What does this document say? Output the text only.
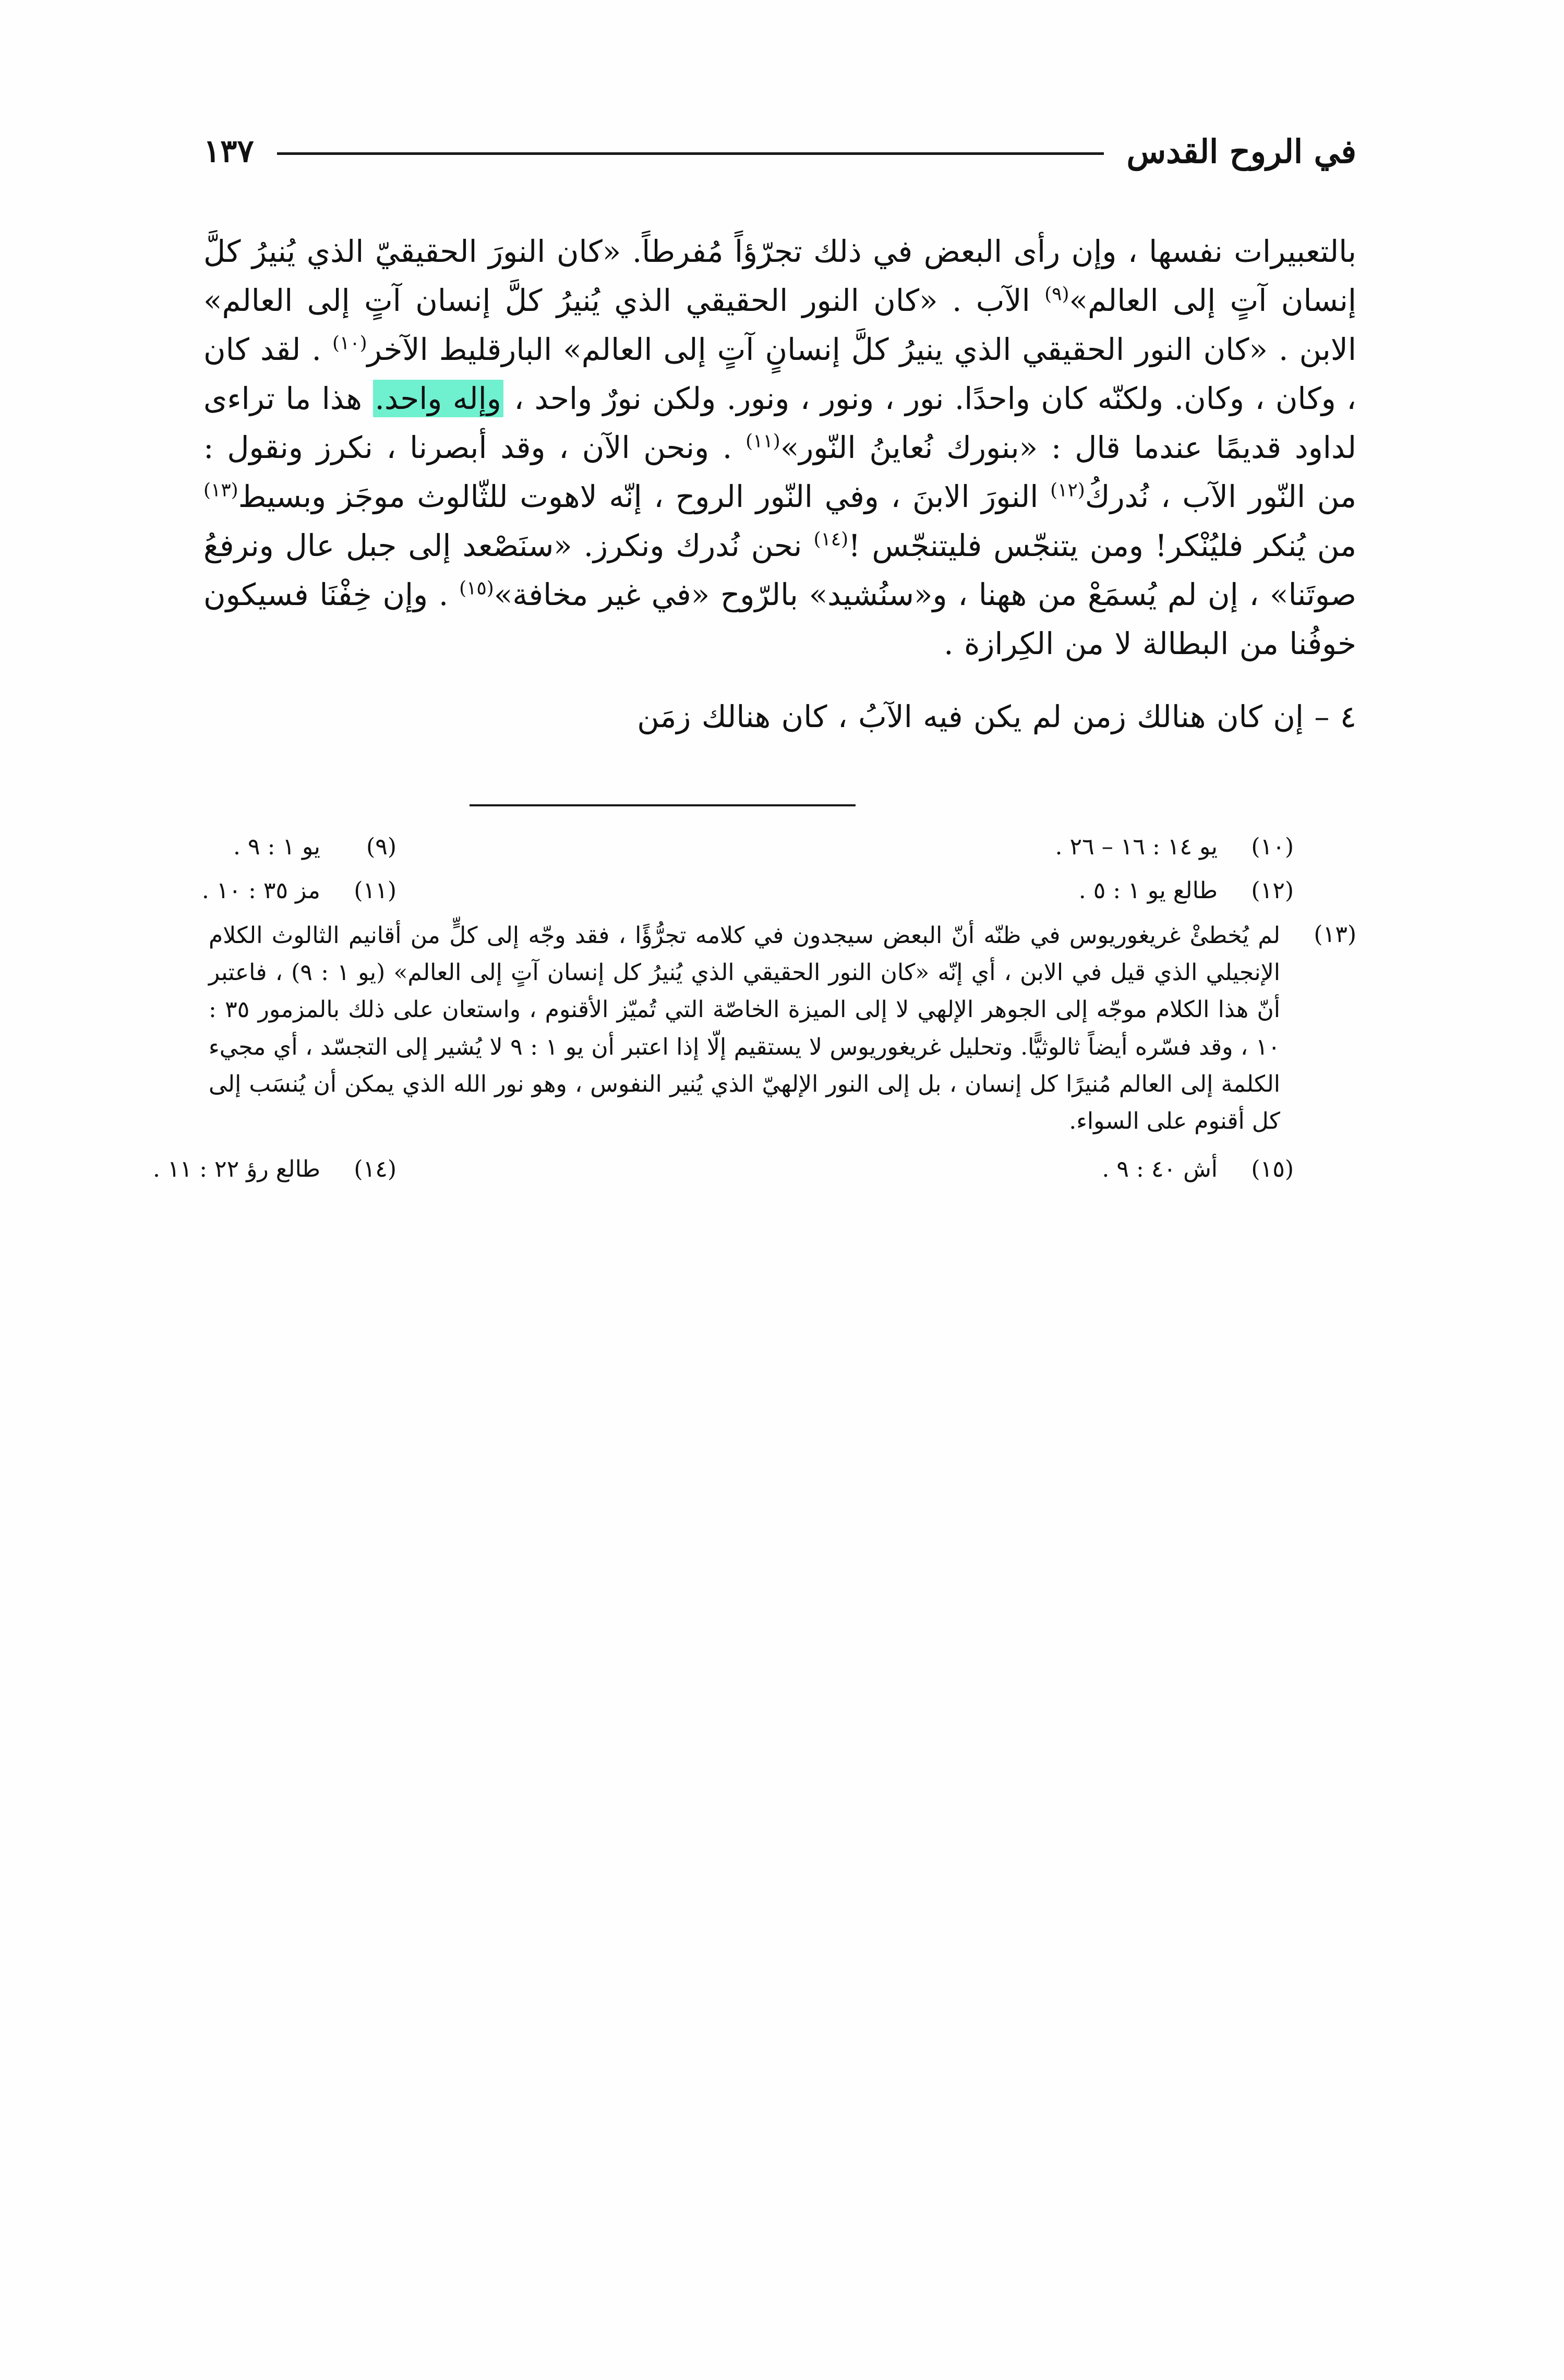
في الروح القدس
١٣٧

بالتعبيرات نفسها ، وإن رأى البعض في ذلك تجرّؤاً مُفرطاً. «كان النورَ الحقيقيّ الذي يُنيرُ كلَّ إنسان آتٍ إلى العالم»$^{(٩)}$ الآب . «كان النور الحقيقي الذي يُنيرُ كلَّ إنسان آتٍ إلى العالم» الابن . «كان النور الحقيقي الذي ينيرُ كلَّ إنسانٍ آتٍ إلى العالم» البارقليط الآخر$^{(١٠)}$ . لقد كان ، وكان ، وكان. ولكنّه كان واحدًا. نور ، ونور ، ونور. ولكن نورٌ واحد ، وإله واحد. هذا ما تراءى لداود قديمًا عندما قال : «بنورك نُعاينُ النّور»$^{(١١)}$ . ونحن الآن ، وقد أبصرنا ، نكرز ونقول : من النّور الآب ، نُدركُ$^{(١٢)}$ النورَ الابنَ ، وفي النّور الروح ، إنّه لاهوت للثّالوث موجَز وبسيط$^{(١٣)}$ من يُنكر فليُنْكر! ومن يتنجّس فليتنجّس !$^{(١٤)}$ نحن نُدرك ونكرز. «سنَصْعد إلى جبل عال ونرفعُ صوتَنا» ، إن لم يُسمَعْ من ههنا ، و«سنُشيد» بالرّوح «في غير مخافة»$^{(١٥)}$ . وإن خِفْنَا فسيكون خوفُنا من البطالة لا من الكِرازة .

٤ – إن كان هنالك زمن لم يكن فيه الآبُ ، كان هنالك زمَن

(١٠)
يو ١٤ : ١٦ – ٢٦ .
(٩)
يو ١ : ٩ .
(١٢)
طالع يو ١ : ٥ .
(١١)
مز ٣٥ : ١٠ .
(١٣)
لم يُخطئْ غريغوريوس في ظنّه أنّ البعض سيجدون في كلامه تجرُّؤًا ، فقد وجّه إلى كلٍّ من أقانيم الثالوث الكلام الإنجيلي الذي قيل في الابن ، أي إنّه «كان النور الحقيقي الذي يُنيرُ كل إنسان آتٍ إلى العالم» (يو ١ : ٩) ، فاعتبر أنّ هذا الكلام موجّه إلى الجوهر الإلهي لا إلى الميزة الخاصّة التي تُميّز الأقنوم ، واستعان على ذلك بالمزمور ٣٥ : ١٠ ، وقد فسّره أيضاً ثالوثيًّا. وتحليل غريغوريوس لا يستقيم إلّا إذا اعتبر أن يو ١ : ٩ لا يُشير إلى التجسّد ، أي مجيء الكلمة إلى العالم مُنيرًا كل إنسان ، بل إلى النور الإلهيّ الذي يُنير النفوس ، وهو نور الله الذي يمكن أن يُنسَب إلى كل أقنوم على السواء.
(١٥)
أش ٤٠ : ٩ .
(١٤)
طالع رؤ ٢٢ : ١١ .
